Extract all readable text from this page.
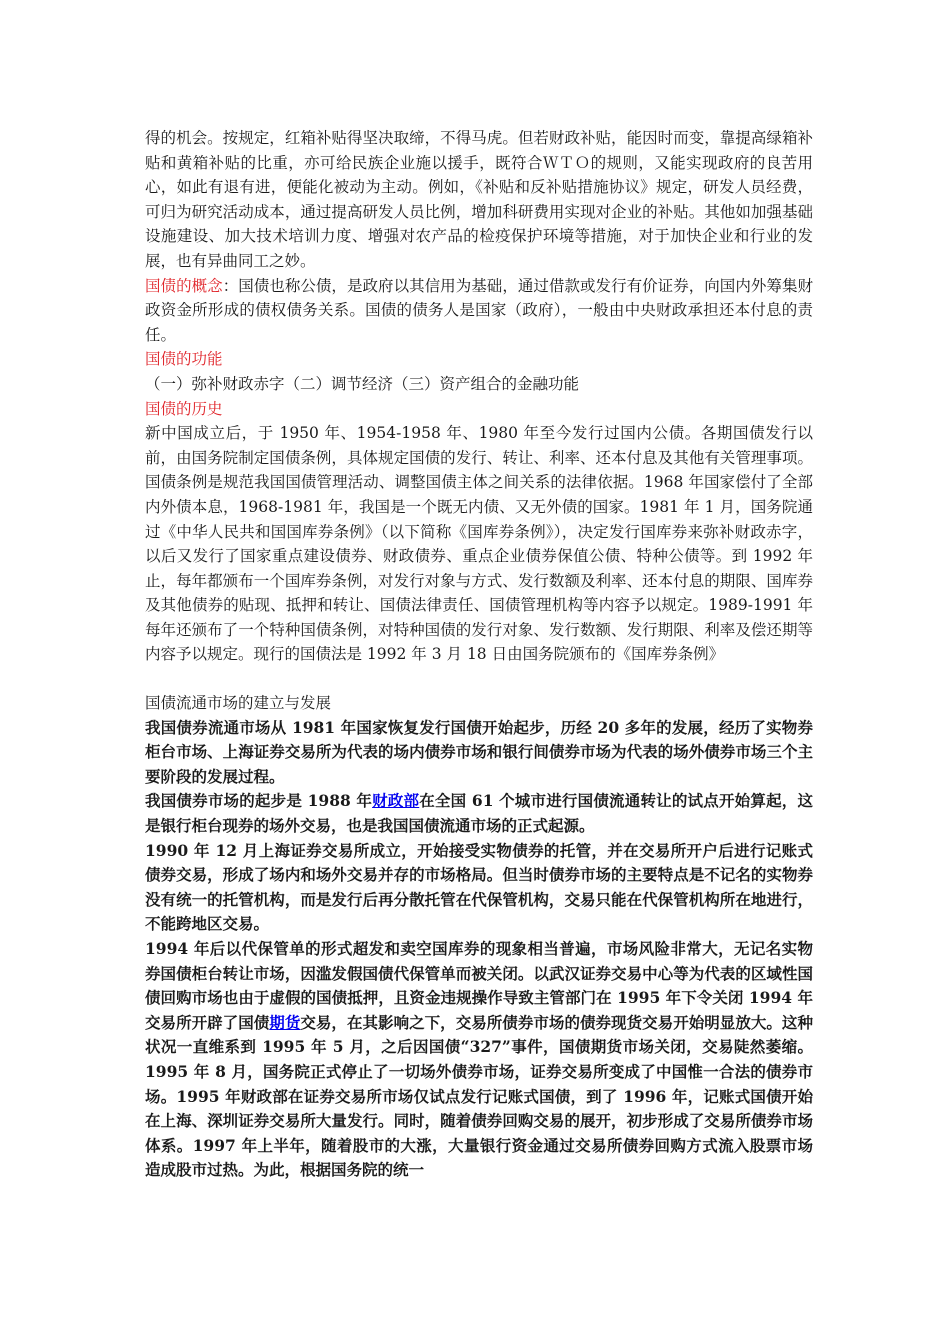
得的机会。按规定，红箱补贴得坚决取缔，不得马虎。但若财政补贴，能因时而变，靠提高绿箱补贴和黄箱补贴的比重，亦可给民族企业施以援手，既符合ＷＴＯ的规则，又能实现政府的良苦用心，如此有退有进，便能化被动为主动。例如，《补贴和反补贴措施协议》规定，研发人员经费，可归为研究活动成本，通过提高研发人员比例，增加科研费用实现对企业的补贴。其他如加强基础设施建设、加大技术培训力度、增强对农产品的检疫保护环境等措施，对于加快企业和行业的发展，也有异曲同工之妙。

国债的概念：国债也称公债，是政府以其信用为基础，通过借款或发行有价证券，向国内外筹集财政资金所形成的债权债务关系。国债的债务人是国家（政府），一般由中央财政承担还本付息的责任。

国债的功能

（一）弥补财政赤字（二）调节经济（三）资产组合的金融功能

国债的历史

新中国成立后，于 1950 年、1954-1958 年、1980 年至今发行过国内公债。各期国债发行以前，由国务院制定国债条例，具体规定国债的发行、转让、利率、还本付息及其他有关管理事项。国债条例是规范我国国债管理活动、调整国债主体之间关系的法律依据。1968 年国家偿付了全部内外债本息，1968-1981 年，我国是一个既无内债、又无外债的国家。1981 年 1 月，国务院通过《中华人民共和国国库券条例》（以下简称《国库券条例》），决定发行国库券来弥补财政赤字，以后又发行了国家重点建设债券、财政债券、重点企业债券保值公债、特种公债等。到 1992 年止，每年都颁布一个国库券条例，对发行对象与方式、发行数额及利率、还本付息的期限、国库券及其他债券的贴现、抵押和转让、国债法律责任、国债管理机构等内容予以规定。1989-1991 年每年还颁布了一个特种国债条例，对特种国债的发行对象、发行数额、发行期限、利率及偿还期等内容予以规定。现行的国债法是 1992 年 3 月 18 日由国务院颁布的《国库券条例》

国债流通市场的建立与发展

我国债券流通市场从 1981 年国家恢复发行国债开始起步，历经 20 多年的发展，经历了实物券柜台市场、上海证券交易所为代表的场内债券市场和银行间债券市场为代表的场外债券市场三个主要阶段的发展过程。

我国债券市场的起步是 1988 年财政部在全国 61 个城市进行国债流通转让的试点开始算起，这是银行柜台现券的场外交易，也是我国国债流通市场的正式起源。

1990 年 12 月上海证券交易所成立，开始接受实物债券的托管，并在交易所开户后进行记账式债券交易，形成了场内和场外交易并存的市场格局。但当时债券市场的主要特点是不记名的实物券没有统一的托管机构，而是发行后再分散托管在代保管机构，交易只能在代保管机构所在地进行，不能跨地区交易。

1994 年后以代保管单的形式超发和卖空国库券的现象相当普遍，市场风险非常大，无记名实物券国债柜台转让市场，因滥发假国债代保管单而被关闭。以武汉证券交易中心等为代表的区域性国债回购市场也由于虚假的国债抵押，且资金违规操作导致主管部门在 1995 年下令关闭 1994 年交易所开辟了国债期货交易，在其影响之下，交易所债券市场的债券现货交易开始明显放大。这种状况一直维系到 1995 年 5 月，之后因国债“327”事件，国债期货市场关闭，交易陡然萎缩。1995 年 8 月，国务院正式停止了一切场外债券市场，证券交易所变成了中国惟一合法的债券市场。1995 年财政部在证券交易所市场仅试点发行记账式国债，到了 1996 年，记账式国债开始在上海、深圳证券交易所大量发行。同时，随着债券回购交易的展开，初步形成了交易所债券市场体系。1997 年上半年，随着股市的大涨，大量银行资金通过交易所债券回购方式流入股票市场造成股市过热。为此，根据国务院的统一
